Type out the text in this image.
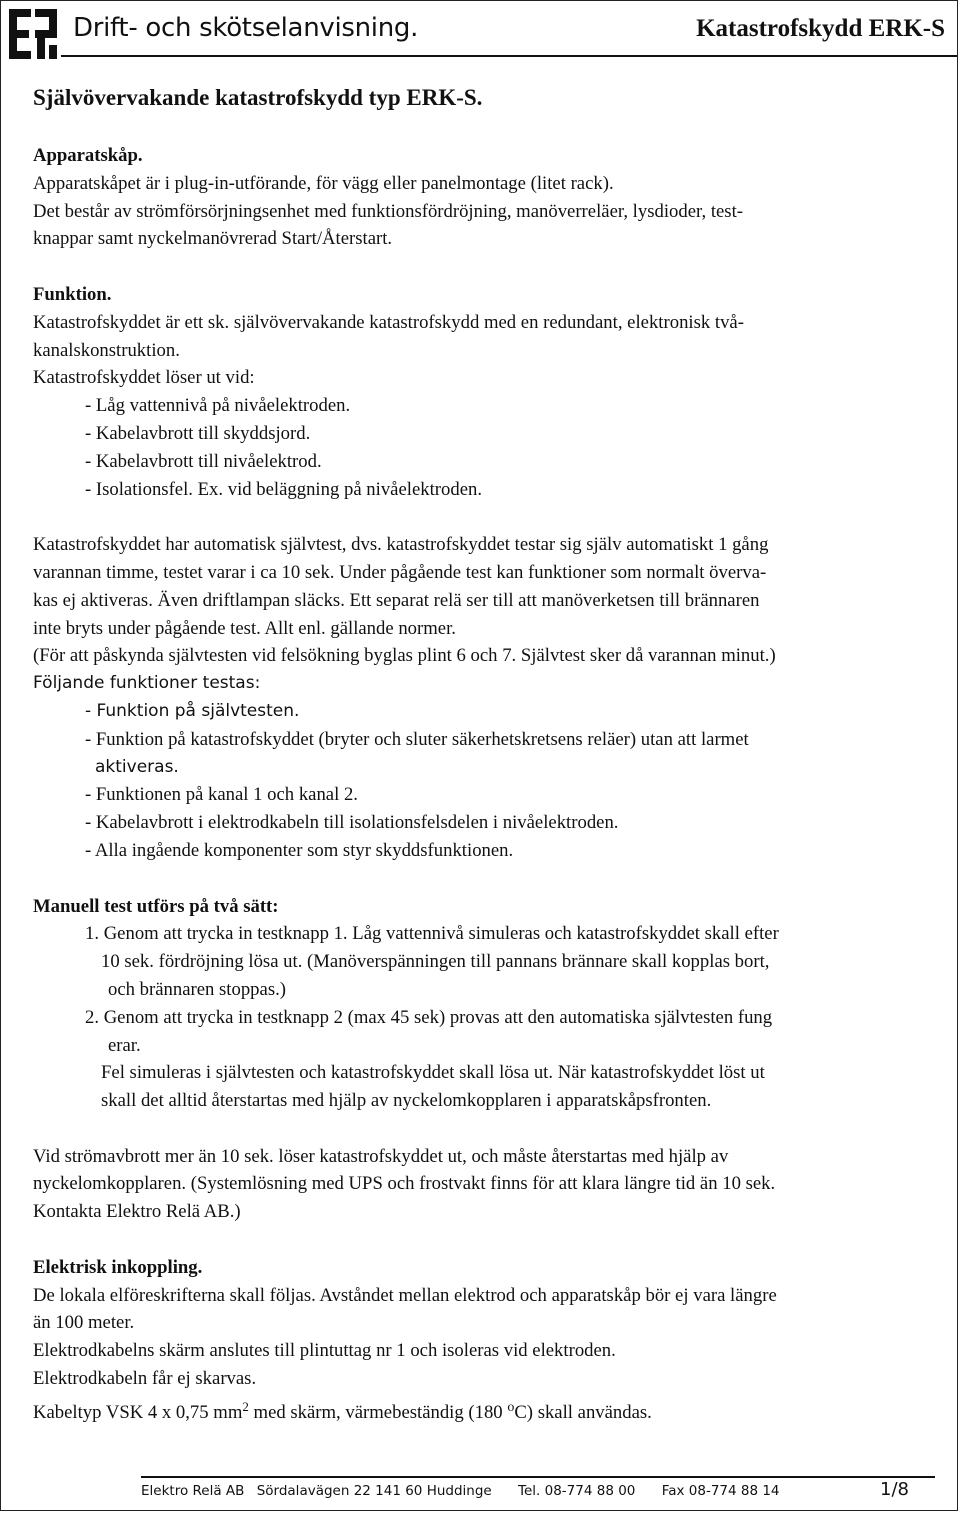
Drift- och skötselanvisning.	Katastrofskydd ERK-S
Självövervakande katastrofskydd typ ERK-S.
Apparatskåp.
Apparatskåpet är i plug-in-utförande, för vägg eller panelmontage (litet rack).
Det består av strömförsörjningsenhet med funktionsfördröjning, manöverreläer, lysdioder, test-
knappar samt nyckelmanövrerad Start/Återstart.
Funktion.
Katastrofskyddet är ett sk. självövervakande katastrofskydd med en redundant, elektronisk två-
kanalskonstruktion.
Katastrofskyddet löser ut vid:
- Låg vattennivå på nivåelektroden.
- Kabelavbrott till skyddsjord.
- Kabelavbrott till nivåelektrod.
- Isolationsfel. Ex. vid beläggning på nivåelektroden.
Katastrofskyddet har automatisk självtest, dvs. katastrofskyddet testar sig själv automatiskt 1 gång
varannan timme, testet varar i ca 10 sek. Under pågående test kan funktioner som normalt överva-
kas ej aktiveras. Även driftlampan släcks. Ett separat relä ser till att manöverketsen till brännaren
inte bryts under pågående test. Allt enl. gällande normer.
(För att påskynda självtesten vid felsökning byglas plint 6 och 7. Självtest sker då varannan minut.)
Följande funktioner testas:
- Funktion på självtesten.
- Funktion på katastrofskyddet (bryter och sluter säkerhetskretsens reläer) utan att larmet
aktiveras.
- Funktionen på kanal 1 och kanal 2.
- Kabelavbrott i elektrodkabeln till isolationsfelsdelen i nivåelektroden.
- Alla ingående komponenter som styr skyddsfunktionen.
Manuell test utförs på två sätt:
1. Genom att trycka in testknapp 1. Låg vattennivå simuleras och katastrofskyddet skall efter
10 sek. fördröjning lösa ut. (Manöverspänningen till pannans brännare skall kopplas bort,
och brännaren stoppas.)
2. Genom att trycka in testknapp 2 (max 45 sek) provas att den automatiska självtesten fung
erar.
Fel simuleras i självtesten och katastrofskyddet skall lösa ut. När katastrofskyddet löst ut
skall det alltid återstartas med hjälp av nyckelomkopplaren i apparatskåpsfronten.
Vid strömavbrott mer än 10 sek. löser katastrofskyddet ut, och måste återstartas med hjälp av
nyckelomkopplaren. (Systemlösning med UPS och frostvakt finns för att klara längre tid än 10 sek.
Kontakta Elektro Relä AB.)
Elektrisk inkoppling.
De lokala elföreskrifterna skall följas. Avståndet mellan elektrod och apparatskåp bör ej vara längre
än 100 meter.
Elektrodkabelns skärm anslutes till plintuttag nr 1 och isoleras vid elektroden.
Elektrodkabeln får ej skarvas.
Kabeltyp VSK 4 x 0,75 $mm^2$ med skärm, värmebeständig (180 $^o$C) skall användas.
Elektro Relä AB Sördalavägen 22 141 60 Huddinge Tel. 08-774 88 00 Fax 08-774 88 14	1/8
